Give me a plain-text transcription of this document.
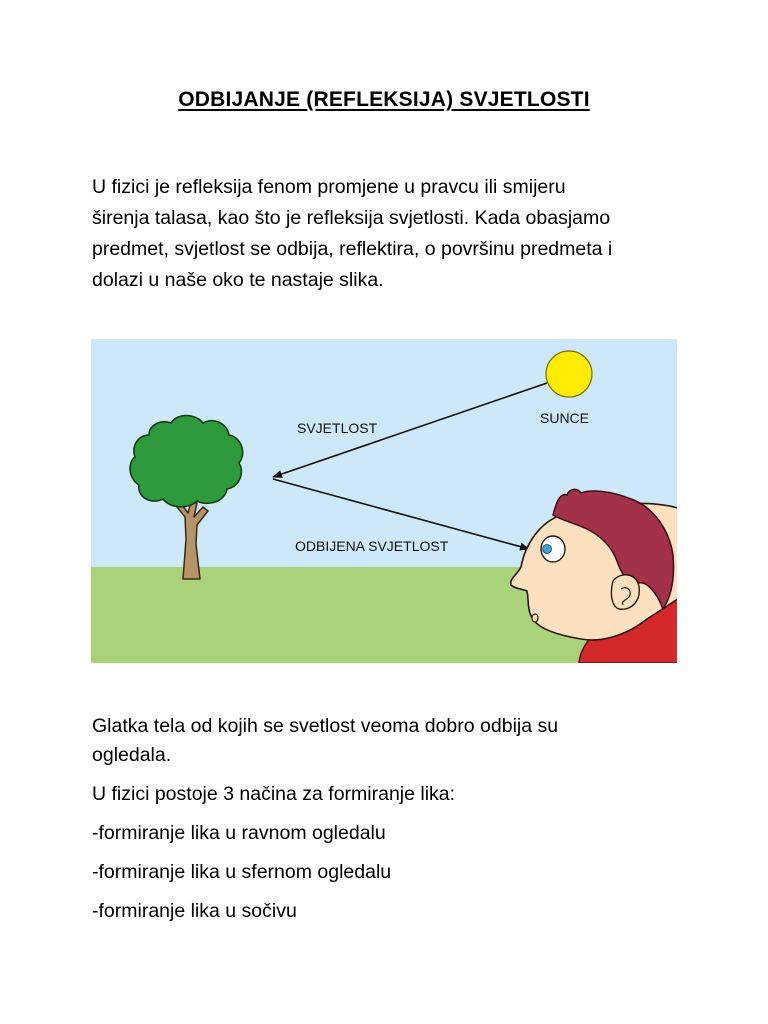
ODBIJANJE (REFLEKSIJA) SVJETLOSTI

U fizici je refleksija fenom promjene u pravcu ili smijeru

širenja talasa, kao što je refleksija svjetlosti. Kada obasjamo

predmet, svjetlost se odbija, reflektira, o površinu predmeta i

dolazi u naše oko te nastaje slika.

SVJETLOST
SUNCE
ODBIJENA SVJETLOST

Glatka tela od kojih se svetlost veoma dobro odbija su
ogledala.

U fizici postoje 3 načina za formiranje lika:

-formiranje lika u ravnom ogledalu

-formiranje lika u sfernom ogledalu

-formiranje lika u sočivu
